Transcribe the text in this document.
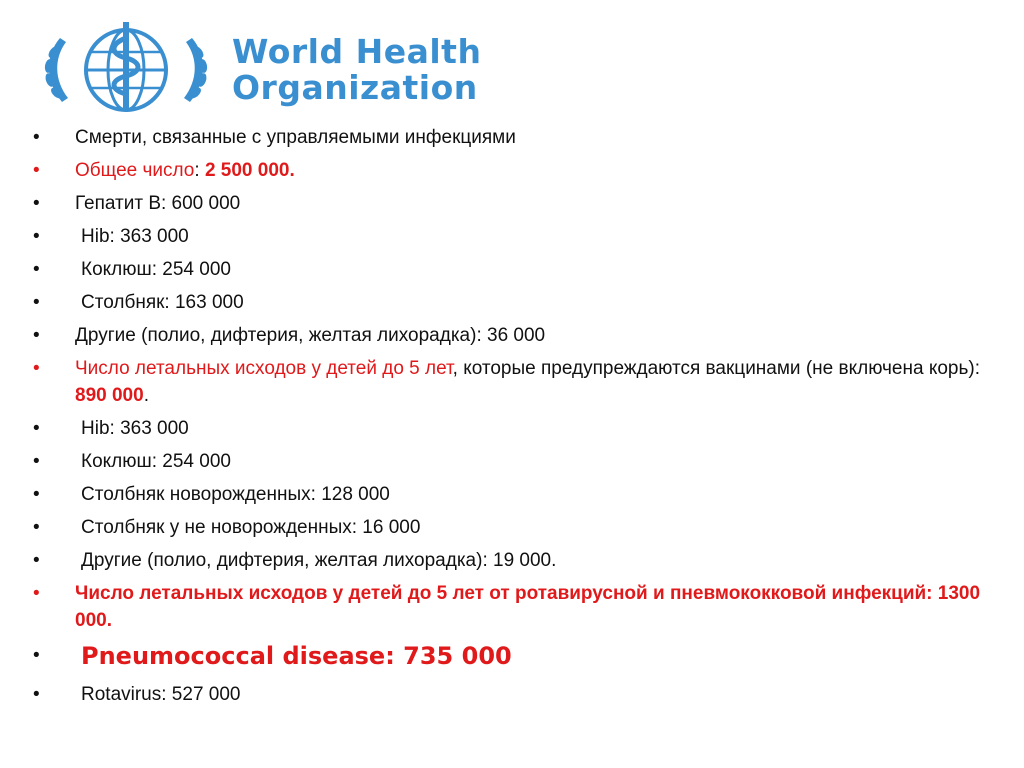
World Health
Organization
•	Смерти, связанные с управляемыми инфекциями
•	Общее число: 2 500 000.
•	Гепатит В: 600 000
•	Hib: 363 000
•	Коклюш: 254 000
•	Столбняк: 163 000
•	Другие (полио, дифтерия, желтая лихорадка): 36 000
•	Число летальных исходов у детей до 5 лет, которые предупреждаются вакцинами (не включена корь): 890 000.
•	Hib: 363 000
•	Коклюш: 254 000
•	Столбняк новорожденных: 128 000
•	Столбняк у не новорожденных: 16 000
•	Другие (полио, дифтерия, желтая лихорадка): 19 000.
•	Число летальных исходов у детей до 5 лет от ротавирусной и пневмококковой инфекций: 1300 000.
•	Pneumococcal disease: 735 000
•	Rotavirus: 527 000
